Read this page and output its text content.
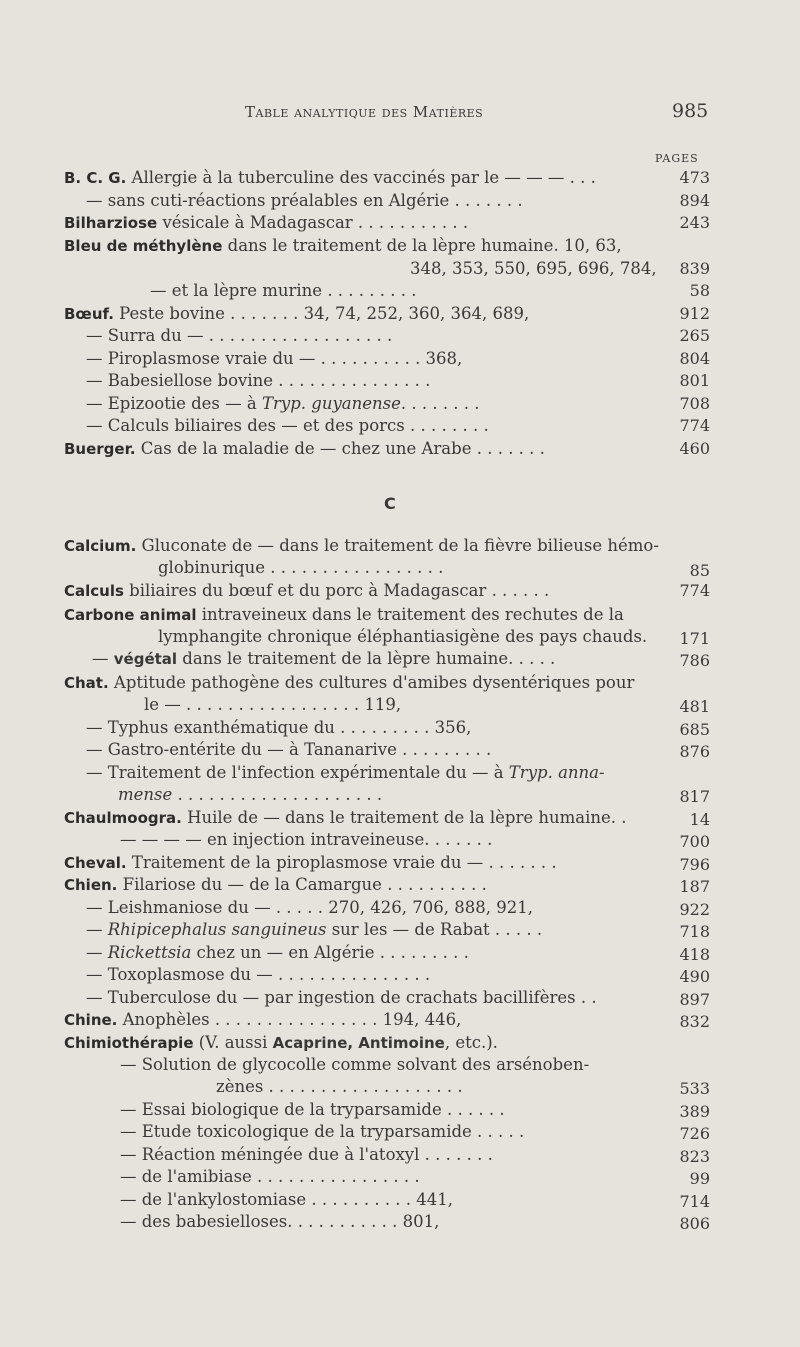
Table analytique des Matières	985
PAGES
B. C. G. Allergie à la tuberculine des vaccinés par le — — — . . .	473
— sans cuti-réactions préalables en Algérie . . . . . . .	894
Bilharziose vésicale à Madagascar . . . . . . . . . . .	243
Bleu de méthylène dans le traitement de la lèpre humaine. 10, 63,
348, 353, 550, 695, 696, 784,	839
— et la lèpre murine . . . . . . . . .	58
Bœuf. Peste bovine . . . . . . . 34, 74, 252, 360, 364, 689,	912
— Surra du — . . . . . . . . . . . . . . . . . .	265
— Piroplasmose vraie du — . . . . . . . . . . 368,	804
— Babesiellose bovine . . . . . . . . . . . . . . .	801
— Epizootie des — à Tryp. guyanense. . . . . . . .	708
— Calculs biliaires des — et des porcs . . . . . . . .	774
Buerger. Cas de la maladie de — chez une Arabe . . . . . . .	460
C
Calcium. Gluconate de — dans le traitement de la fièvre bilieuse hémo-
globinurique . . . . . . . . . . . . . . . . .	85
Calculs biliaires du bœuf et du porc à Madagascar . . . . . .	774
Carbone animal intraveineux dans le traitement des rechutes de la
lymphangite chronique éléphantiasigène des pays chauds.	171
— végétal dans le traitement de la lèpre humaine. . . . .	786
Chat. Aptitude pathogène des cultures d'amibes dysentériques pour
le — . . . . . . . . . . . . . . . . . 119,	481
— Typhus exanthématique du . . . . . . . . . 356,	685
— Gastro-entérite du — à Tananarive . . . . . . . . .	876
— Traitement de l'infection expérimentale du — à Tryp. anna-
mense . . . . . . . . . . . . . . . . . . . .	817
Chaulmoogra. Huile de — dans le traitement de la lèpre humaine. .	14
— — — — en injection intraveineuse. . . . . . .	700
Cheval. Traitement de la piroplasmose vraie du — . . . . . . .	796
Chien. Filariose du — de la Camargue . . . . . . . . . .	187
— Leishmaniose du — . . . . . 270, 426, 706, 888, 921,	922
— Rhipicephalus sanguineus sur les — de Rabat . . . . .	718
— Rickettsia chez un — en Algérie . . . . . . . . .	418
— Toxoplasmose du — . . . . . . . . . . . . . . .	490
— Tuberculose du — par ingestion de crachats bacillifères . .	897
Chine. Anophèles . . . . . . . . . . . . . . . . 194, 446,	832
Chimiothérapie (V. aussi Acaprine, Antimoine, etc.).
— Solution de glycocolle comme solvant des arsénoben-
zènes . . . . . . . . . . . . . . . . . . .	533
— Essai biologique de la tryparsamide . . . . . .	389
— Etude toxicologique de la tryparsamide . . . . .	726
— Réaction méningée due à l'atoxyl . . . . . . .	823
— de l'amibiase . . . . . . . . . . . . . . . .	99
— de l'ankylostomiase . . . . . . . . . . 441,	714
— des babesielloses. . . . . . . . . . . 801,	806
